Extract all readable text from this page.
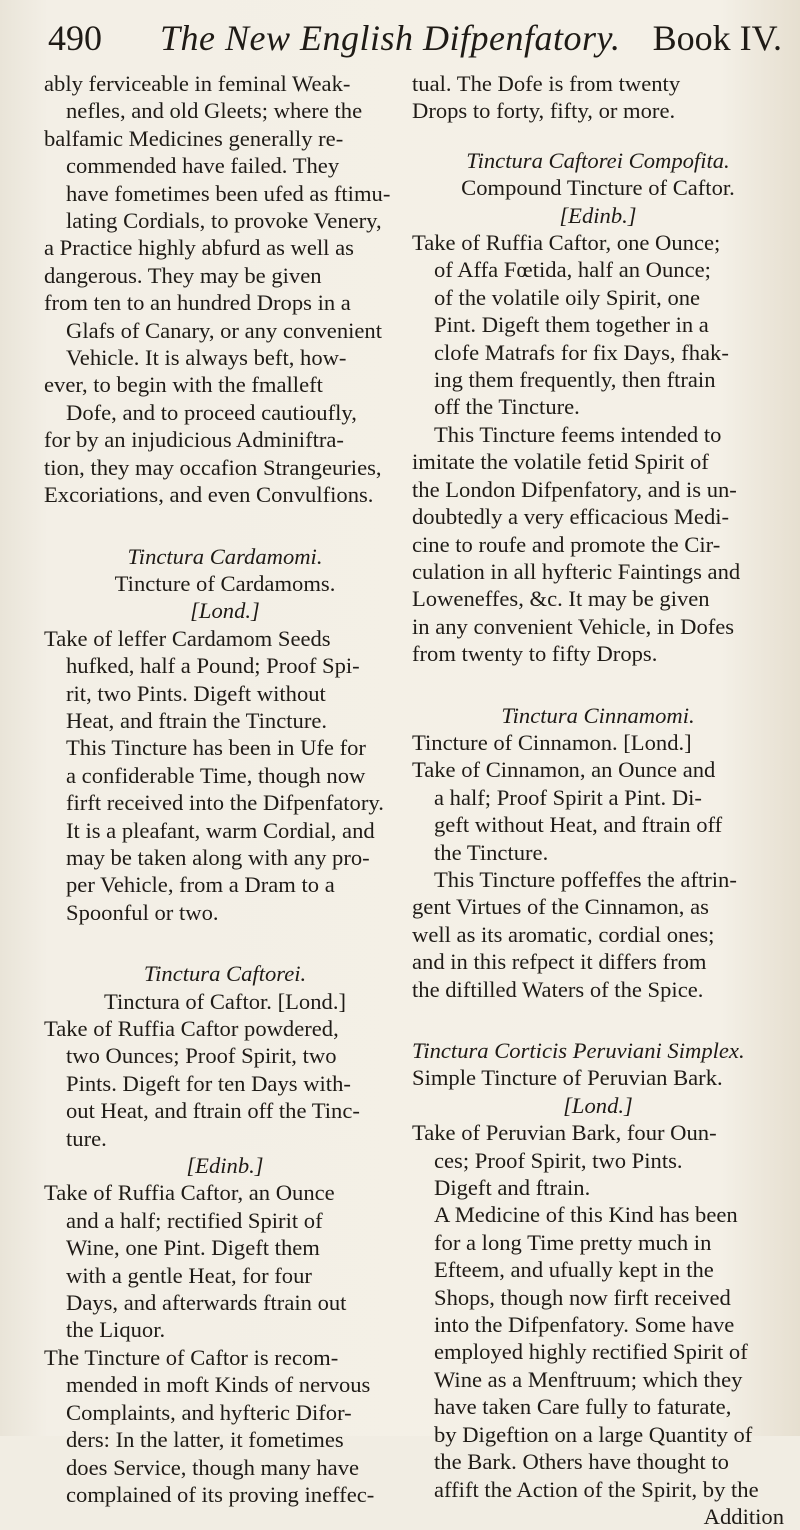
490 The New English Difpenfatory. Book IV.
ably ferviceable in feminal Weak-
nefles, and old Gleets; where the
balfamic Medicines generally re-
commended have failed. They
have fometimes been ufed as ftimu-
lating Cordials, to provoke Venery,
a Practice highly abfurd as well as
dangerous. They may be given
from ten to an hundred Drops in a
Glafs of Canary, or any convenient
Vehicle. It is always beft, how-
ever, to begin with the fmalleft
Dofe, and to proceed cautioufly,
for by an injudicious Adminiftra-
tion, they may occafion Strangeuries,
Excoriations, and even Convulfions.
Tinctura Cardamomi.
Tincture of Cardamoms.
[Lond.]
Take of leffer Cardamom Seeds
hufked, half a Pound; Proof Spi-
rit, two Pints. Digeft without
Heat, and ftrain the Tincture.
This Tincture has been in Ufe for
a confiderable Time, though now
firft received into the Difpenfatory.
It is a pleafant, warm Cordial, and
may be taken along with any pro-
per Vehicle, from a Dram to a
Spoonful or two.
Tinctura Caftorei.
Tinctura of Caftor. [Lond.]
Take of Ruffia Caftor powdered,
two Ounces; Proof Spirit, two
Pints. Digeft for ten Days with-
out Heat, and ftrain off the Tinc-
ture.
[Edinb.]
Take of Ruffia Caftor, an Ounce
and a half; rectified Spirit of
Wine, one Pint. Digeft them
with a gentle Heat, for four
Days, and afterwards ftrain out
the Liquor.
The Tincture of Caftor is recom-
mended in moft Kinds of nervous
Complaints, and hyfteric Difor-
ders: In the latter, it fometimes
does Service, though many have
complained of its proving ineffec-
tual. The Dofe is from twenty
Drops to forty, fifty, or more.
Tinctura Caftorei Compofita.
Compound Tincture of Caftor.
[Edinb.]
Take of Ruffia Caftor, one Ounce;
of Affa Fœtida, half an Ounce;
of the volatile oily Spirit, one
Pint. Digeft them together in a
clofe Matrafs for fix Days, fhak-
ing them frequently, then ftrain
off the Tincture.
This Tincture feems intended to
imitate the volatile fetid Spirit of
the London Difpenfatory, and is un-
doubtedly a very efficacious Medi-
cine to roufe and promote the Cir-
culation in all hyfteric Faintings and
Loweneffes, &c. It may be given
in any convenient Vehicle, in Dofes
from twenty to fifty Drops.
Tinctura Cinnamomi.
Tincture of Cinnamon. [Lond.]
Take of Cinnamon, an Ounce and
a half; Proof Spirit a Pint. Di-
geft without Heat, and ftrain off
the Tincture.
This Tincture poffeffes the aftrin-
gent Virtues of the Cinnamon, as
well as its aromatic, cordial ones;
and in this refpect it differs from
the diftilled Waters of the Spice.
Tinctura Corticis Peruviani Simplex.
Simple Tincture of Peruvian Bark.
[Lond.]
Take of Peruvian Bark, four Oun-
ces; Proof Spirit, two Pints.
Digeft and ftrain.
A Medicine of this Kind has been
for a long Time pretty much in
Efteem, and ufually kept in the
Shops, though now firft received
into the Difpenfatory. Some have
employed highly rectified Spirit of
Wine as a Menftruum; which they
have taken Care fully to faturate,
by Digeftion on a large Quantity of
the Bark. Others have thought to
affift the Action of the Spirit, by the
Addition
